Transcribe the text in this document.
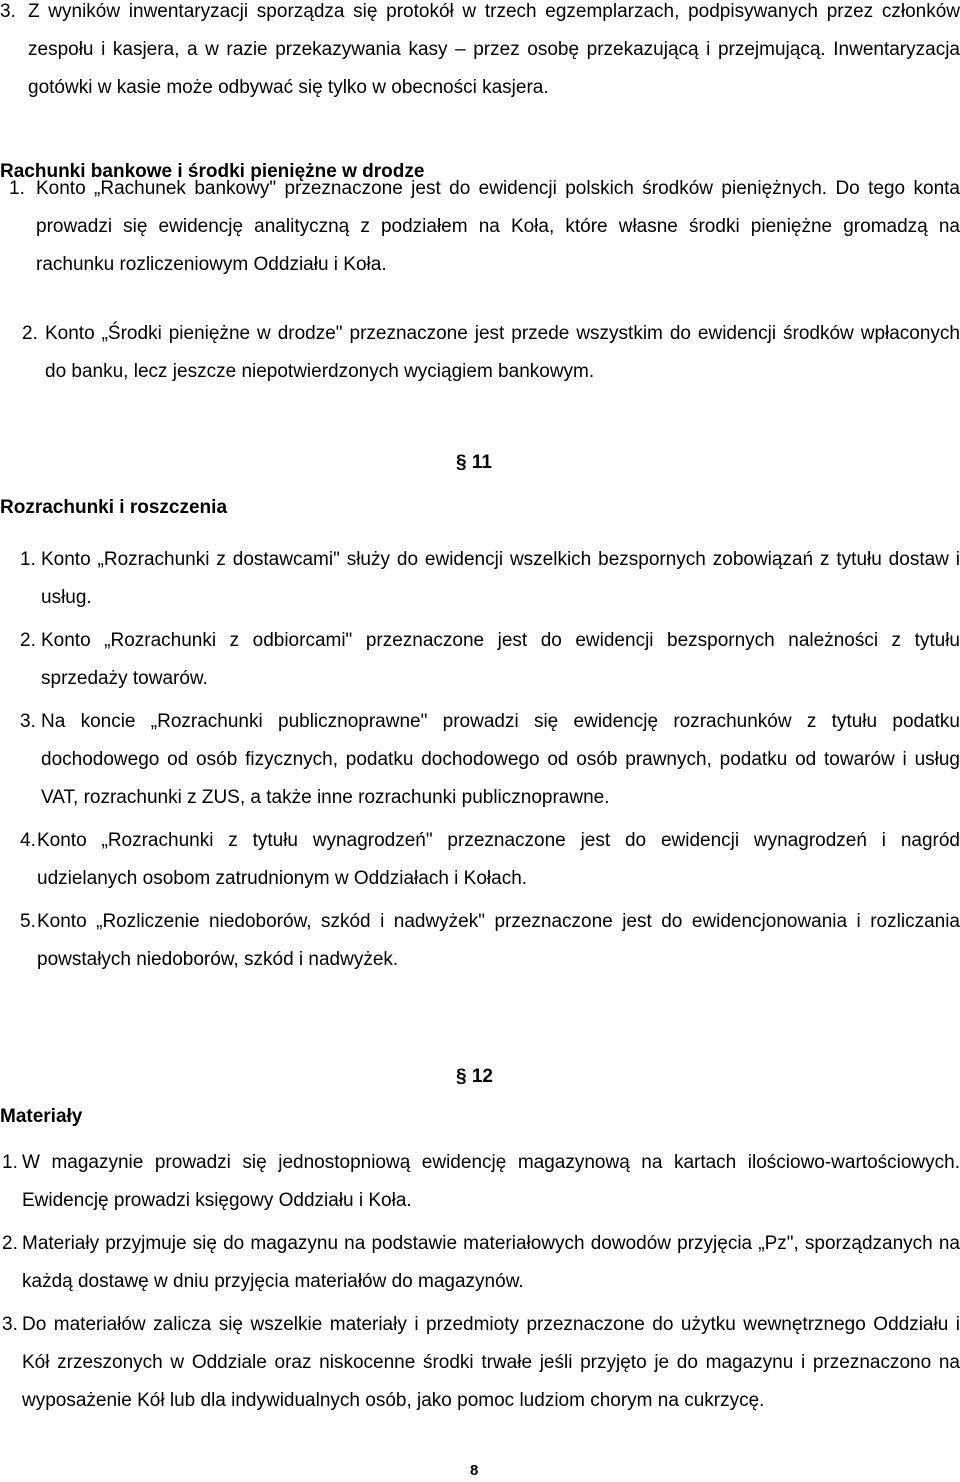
3. Z wyników inwentaryzacji sporządza się protokół w trzech egzemplarzach, podpisywanych przez członków zespołu i kasjera, a w razie przekazywania kasy – przez osobę przekazującą i przejmującą. Inwentaryzacja gotówki w kasie może odbywać się tylko w obecności kasjera.
Rachunki bankowe i środki pieniężne w drodze
1. Konto „Rachunek bankowy" przeznaczone jest do ewidencji polskich środków pieniężnych. Do tego konta prowadzi się ewidencję analityczną z podziałem na Koła, które własne środki pieniężne gromadzą na rachunku rozliczeniowym Oddziału i Koła.
2. Konto „Środki pieniężne w drodze" przeznaczone jest przede wszystkim do ewidencji środków wpłaconych do banku, lecz jeszcze niepotwierdzonych wyciągiem bankowym.
§ 11
Rozrachunki i roszczenia
1. Konto „Rozrachunki z dostawcami" służy do ewidencji wszelkich bezspornych zobowiązań z tytułu dostaw i usług.
2. Konto „Rozrachunki z odbiorcami" przeznaczone jest do ewidencji bezspornych należności z tytułu sprzedaży towarów.
3. Na koncie „Rozrachunki publicznoprawne" prowadzi się ewidencję rozrachunków z tytułu podatku dochodowego od osób fizycznych, podatku dochodowego od osób prawnych, podatku od towarów i usług VAT, rozrachunki z ZUS, a także inne rozrachunki publicznoprawne.
4. Konto „Rozrachunki z tytułu wynagrodzeń" przeznaczone jest do ewidencji wynagrodzeń i nagród udzielanych osobom zatrudnionym w Oddziałach i Kołach.
5. Konto „Rozliczenie niedoborów, szkód i nadwyżek" przeznaczone jest do ewidencjonowania i rozliczania powstałych niedoborów, szkód i nadwyżek.
§ 12
Materiały
1. W magazynie prowadzi się jednostopniową ewidencję magazynową na kartach ilościowo-wartościowych. Ewidencję prowadzi księgowy Oddziału i Koła.
2. Materiały przyjmuje się do magazynu na podstawie materiałowych dowodów przyjęcia „Pz", sporządzanych na każdą dostawę w dniu przyjęcia materiałów do magazynów.
3. Do materiałów zalicza się wszelkie materiały i przedmioty przeznaczone do użytku wewnętrznego Oddziału i Kół zrzeszonych w Oddziale oraz niskocenne środki trwałe jeśli przyjęto je do magazynu i przeznaczono na wyposażenie Kół lub dla indywidualnych osób, jako pomoc ludziom chorym na cukrzycę.
8
